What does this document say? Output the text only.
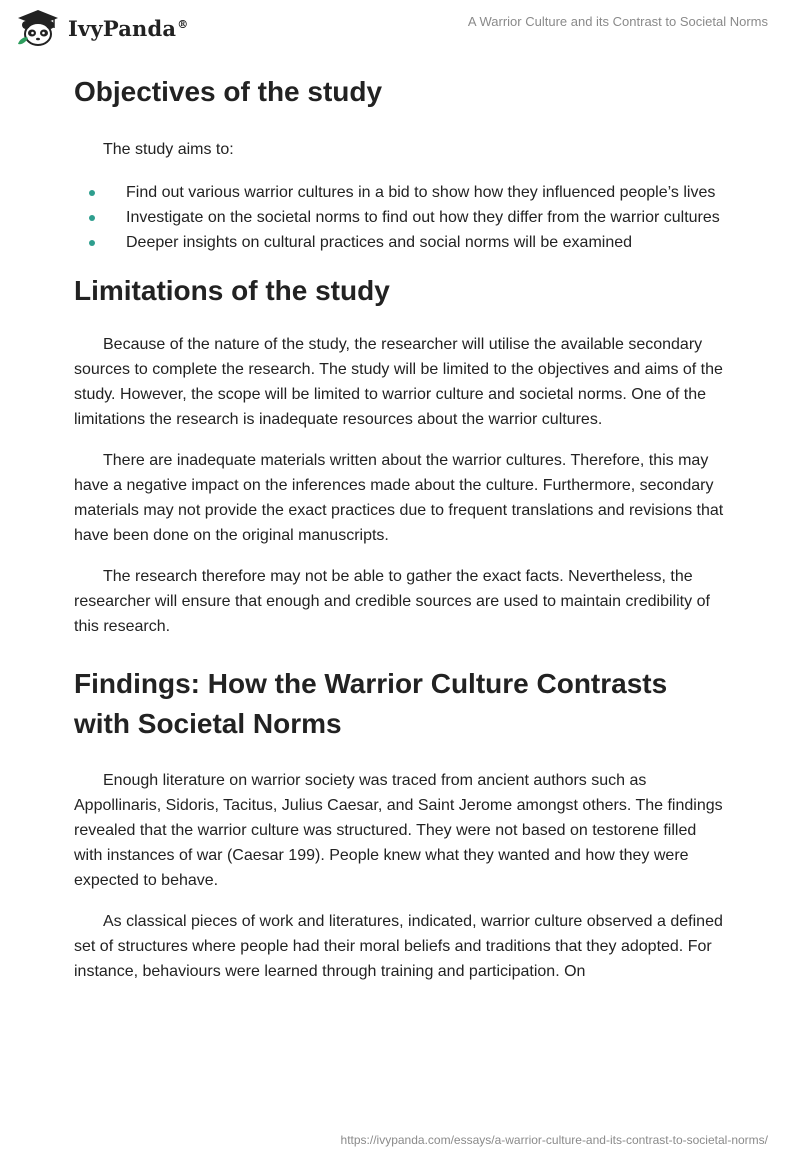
IvyPanda®	A Warrior Culture and its Contrast to Societal Norms
Objectives of the study
The study aims to:
Find out various warrior cultures in a bid to show how they influenced people’s lives
Investigate on the societal norms to find out how they differ from the warrior cultures
Deeper insights on cultural practices and social norms will be examined
Limitations of the study

Because of the nature of the study, the researcher will utilise the available secondary sources to complete the research. The study will be limited to the objectives and aims of the study. However, the scope will be limited to warrior culture and societal norms. One of the limitations the research is inadequate resources about the warrior cultures.

There are inadequate materials written about the warrior cultures. Therefore, this may have a negative impact on the inferences made about the culture. Furthermore, secondary materials may not provide the exact practices due to frequent translations and revisions that have been done on the original manuscripts.

The research therefore may not be able to gather the exact facts. Nevertheless, the researcher will ensure that enough and credible sources are used to maintain credibility of this research.

Findings: How the Warrior Culture Contrasts with Societal Norms

Enough literature on warrior society was traced from ancient authors such as Appollinaris, Sidoris, Tacitus, Julius Caesar, and Saint Jerome amongst others. The findings revealed that the warrior culture was structured. They were not based on testorene filled with instances of war (Caesar 199). People knew what they wanted and how they were expected to behave.

As classical pieces of work and literatures, indicated, warrior culture observed a defined set of structures where people had their moral beliefs and traditions that they adopted. For instance, behaviours were learned through training and participation. On

https://ivypanda.com/essays/a-warrior-culture-and-its-contrast-to-societal-norms/
